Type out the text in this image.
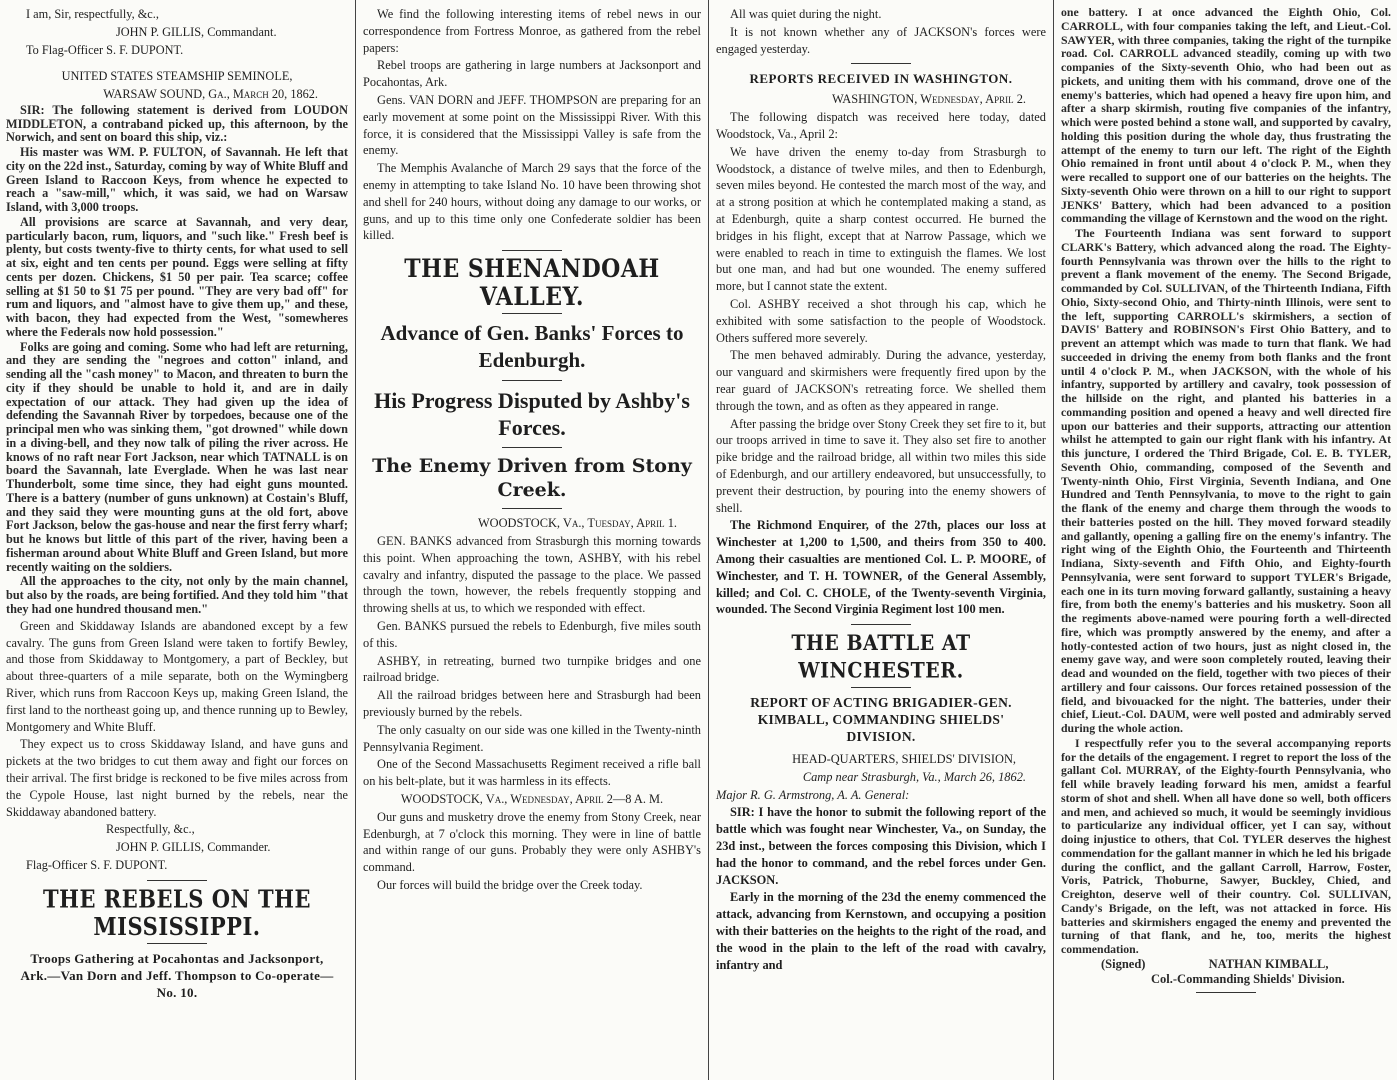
I am, Sir, respectfully, &c.,

JOHN P. GILLIS, Commandant.

To Flag-Officer S. F. DUPONT.

UNITED STATES STEAMSHIP SEMINOLE,

WARSAW SOUND, Ga., March 20, 1862.

SIR: The following statement is derived from LOUDON MIDDLETON, a contraband picked up, this afternoon, by the Norwich, and sent on board this ship, viz.:

His master was WM. P. FULTON, of Savannah. He left that city on the 22d inst., Saturday, coming by way of White Bluff and Green Island to Raccoon Keys, from whence he expected to reach a "saw-mill," which, it was said, we had on Warsaw Island, with 3,000 troops.

All provisions are scarce at Savannah, and very dear, particularly bacon, rum, liquors, and "such like." Fresh beef is plenty, but costs twenty-five to thirty cents, for what used to sell at six, eight and ten cents per pound. Eggs were selling at fifty cents per dozen. Chickens, $1 50 per pair. Tea scarce; coffee selling at $1 50 to $1 75 per pound. "They are very bad off" for rum and liquors, and "almost have to give them up," and these, with bacon, they had expected from the West, "somewheres where the Federals now hold possession."

Folks are going and coming. Some who had left are returning, and they are sending the "negroes and cotton" inland, and sending all the "cash money" to Macon, and threaten to burn the city if they should be unable to hold it, and are in daily expectation of our attack. They had given up the idea of defending the Savannah River by torpedoes, because one of the principal men who was sinking them, "got drowned" while down in a diving-bell, and they now talk of piling the river across. He knows of no raft near Fort Jackson, near which TATNALL is on board the Savannah, late Everglade. When he was last near Thunderbolt, some time since, they had eight guns mounted. There is a battery (number of guns unknown) at Costain's Bluff, and they said they were mounting guns at the old fort, above Fort Jackson, below the gas-house and near the first ferry wharf; but he knows but little of this part of the river, having been a fisherman around about White Bluff and Green Island, but more recently waiting on the soldiers.

All the approaches to the city, not only by the main channel, but also by the roads, are being fortified. And they told him "that they had one hundred thousand men."

Green and Skiddaway Islands are abandoned except by a few cavalry. The guns from Green Island were taken to fortify Bewley, and those from Skiddaway to Montgomery, a part of Beckley, but about three-quarters of a mile separate, both on the Wymingberg River, which runs from Raccoon Keys up, making Green Island, the first land to the northeast going up, and thence running up to Bewley, Montgomery and White Bluff.

They expect us to cross Skiddaway Island, and have guns and pickets at the two bridges to cut them away and fight our forces on their arrival. The first bridge is reckoned to be five miles across from the Cypole House, last night burned by the rebels, near the Skiddaway abandoned battery.

Respectfully, &c.,

JOHN P. GILLIS, Commander.

Flag-Officer S. F. DUPONT.

THE REBELS ON THE MISSISSIPPI.
Troops Gathering at Pocahontas and Jacksonport, Ark.—Van Dorn and Jeff. Thompson to Co-operate—No. 10.

We find the following interesting items of rebel news in our correspondence from Fortress Monroe, as gathered from the rebel papers:

Rebel troops are gathering in large numbers at Jacksonport and Pocahontas, Ark.

Gens. VAN DORN and JEFF. THOMPSON are preparing for an early movement at some point on the Mississippi River. With this force, it is considered that the Mississippi Valley is safe from the enemy.

The Memphis Avalanche of March 29 says that the force of the enemy in attempting to take Island No. 10 have been throwing shot and shell for 240 hours, without doing any damage to our works, or guns, and up to this time only one Confederate soldier has been killed.

THE SHENANDOAH VALLEY.
Advance of Gen. Banks' Forces to Edenburgh.
His Progress Disputed by Ashby's Forces.
The Enemy Driven from Stony Creek.

WOODSTOCK, Va., Tuesday, April 1.

GEN. BANKS advanced from Strasburgh this morning towards this point. When approaching the town, ASHBY, with his rebel cavalry and infantry, disputed the passage to the place. We passed through the town, however, the rebels frequently stopping and throwing shells at us, to which we responded with effect.

Gen. BANKS pursued the rebels to Edenburgh, five miles south of this.

ASHBY, in retreating, burned two turnpike bridges and one railroad bridge.

All the railroad bridges between here and Strasburgh had been previously burned by the rebels.

The only casualty on our side was one killed in the Twenty-ninth Pennsylvania Regiment.

One of the Second Massachusetts Regiment received a rifle ball on his belt-plate, but it was harmless in its effects.

WOODSTOCK, Va., Wednesday, April 2—8 A. M.

Our guns and musketry drove the enemy from Stony Creek, near Edenburgh, at 7 o'clock this morning. They were in line of battle and within range of our guns. Probably they were only ASHBY's command.

Our forces will build the bridge over the Creek today.

All was quiet during the night.

It is not known whether any of JACKSON's forces were engaged yesterday.

REPORTS RECEIVED IN WASHINGTON.

WASHINGTON, Wednesday, April 2.

The following dispatch was received here today, dated Woodstock, Va., April 2:

We have driven the enemy to-day from Strasburgh to Woodstock, a distance of twelve miles, and then to Edenburgh, seven miles beyond. He contested the march most of the way, and at a strong position at which he contemplated making a stand, as at Edenburgh, quite a sharp contest occurred. He burned the bridges in his flight, except that at Narrow Passage, which we were enabled to reach in time to extinguish the flames. We lost but one man, and had but one wounded. The enemy suffered more, but I cannot state the extent.

Col. ASHBY received a shot through his cap, which he exhibited with some satisfaction to the people of Woodstock. Others suffered more severely.

The men behaved admirably. During the advance, yesterday, our vanguard and skirmishers were frequently fired upon by the rear guard of JACKSON's retreating force. We shelled them through the town, and as often as they appeared in range.

After passing the bridge over Stony Creek they set fire to it, but our troops arrived in time to save it. They also set fire to another pike bridge and the railroad bridge, all within two miles this side of Edenburgh, and our artillery endeavored, but unsuccessfully, to prevent their destruction, by pouring into the enemy showers of shell.

The Richmond Enquirer, of the 27th, places our loss at Winchester at 1,200 to 1,500, and theirs from 350 to 400. Among their casualties are mentioned Col. L. P. MOORE, of Winchester, and T. H. TOWNER, of the General Assembly, killed; and Col. C. CHOLE, of the Twenty-seventh Virginia, wounded. The Second Virginia Regiment lost 100 men.

THE BATTLE AT WINCHESTER.
REPORT OF ACTING BRIGADIER-GEN. KIMBALL, COMMANDING SHIELDS' DIVISION.

HEAD-QUARTERS, SHIELDS' DIVISION,

Camp near Strasburgh, Va., March 26, 1862.

Major R. G. Armstrong, A. A. General:

SIR: I have the honor to submit the following report of the battle which was fought near Winchester, Va., on Sunday, the 23d inst., between the forces composing this Division, which I had the honor to command, and the rebel forces under Gen. JACKSON.

Early in the morning of the 23d the enemy commenced the attack, advancing from Kernstown, and occupying a position with their batteries on the heights to the right of the road, and the wood in the plain to the left of the road with cavalry, infantry and

one battery. I at once advanced the Eighth Ohio, Col. CARROLL, with four companies taking the left, and Lieut.-Col. SAWYER, with three companies, taking the right of the turnpike road. Col. CARROLL advanced steadily, coming up with two companies of the Sixty-seventh Ohio, who had been out as pickets, and uniting them with his command, drove one of the enemy's batteries, which had opened a heavy fire upon him, and after a sharp skirmish, routing five companies of the infantry, which were posted behind a stone wall, and supported by cavalry, holding this position during the whole day, thus frustrating the attempt of the enemy to turn our left. The right of the Eighth Ohio remained in front until about 4 o'clock P. M., when they were recalled to support one of our batteries on the heights. The Sixty-seventh Ohio were thrown on a hill to our right to support JENKS' Battery, which had been advanced to a position commanding the village of Kernstown and the wood on the right.

The Fourteenth Indiana was sent forward to support CLARK's Battery, which advanced along the road. The Eighty-fourth Pennsylvania was thrown over the hills to the right to prevent a flank movement of the enemy. The Second Brigade, commanded by Col. SULLIVAN, of the Thirteenth Indiana, Fifth Ohio, Sixty-second Ohio, and Thirty-ninth Illinois, were sent to the left, supporting CARROLL's skirmishers, a section of DAVIS' Battery and ROBINSON's First Ohio Battery, and to prevent an attempt which was made to turn that flank. We had succeeded in driving the enemy from both flanks and the front until 4 o'clock P. M., when JACKSON, with the whole of his infantry, supported by artillery and cavalry, took possession of the hillside on the right, and planted his batteries in a commanding position and opened a heavy and well directed fire upon our batteries and their supports, attracting our attention whilst he attempted to gain our right flank with his infantry. At this juncture, I ordered the Third Brigade, Col. E. B. TYLER, Seventh Ohio, commanding, composed of the Seventh and Twenty-ninth Ohio, First Virginia, Seventh Indiana, and One Hundred and Tenth Pennsylvania, to move to the right to gain the flank of the enemy and charge them through the woods to their batteries posted on the hill. They moved forward steadily and gallantly, opening a galling fire on the enemy's infantry. The right wing of the Eighth Ohio, the Fourteenth and Thirteenth Indiana, Sixty-seventh and Fifth Ohio, and Eighty-fourth Pennsylvania, were sent forward to support TYLER's Brigade, each one in its turn moving forward gallantly, sustaining a heavy fire, from both the enemy's batteries and his musketry. Soon all the regiments above-named were pouring forth a well-directed fire, which was promptly answered by the enemy, and after a hotly-contested action of two hours, just as night closed in, the enemy gave way, and were soon completely routed, leaving their dead and wounded on the field, together with two pieces of their artillery and four caissons. Our forces retained possession of the field, and bivouacked for the night. The batteries, under their chief, Lieut.-Col. DAUM, were well posted and admirably served during the whole action.

I respectfully refer you to the several accompanying reports for the details of the engagement. I regret to report the loss of the gallant Col. MURRAY, of the Eighty-fourth Pennsylvania, who fell while bravely leading forward his men, amidst a fearful storm of shot and shell. When all have done so well, both officers and men, and achieved so much, it would be seemingly invidious to particularize any individual officer, yet I can say, without doing injustice to others, that Col. TYLER deserves the highest commendation for the gallant manner in which he led his brigade during the conflict, and the gallant Carroll, Harrow, Foster, Voris, Patrick, Thoburne, Sawyer, Buckley, Chied, and Creighton, deserve well of their country. Col. SULLIVAN, Candy's Brigade, on the left, was not attacked in force. His batteries and skirmishers engaged the enemy and prevented the turning of that flank, and he, too, merits the highest commendation.

(Signed)	NATHAN KIMBALL,

Col.-Commanding Shields' Division.
